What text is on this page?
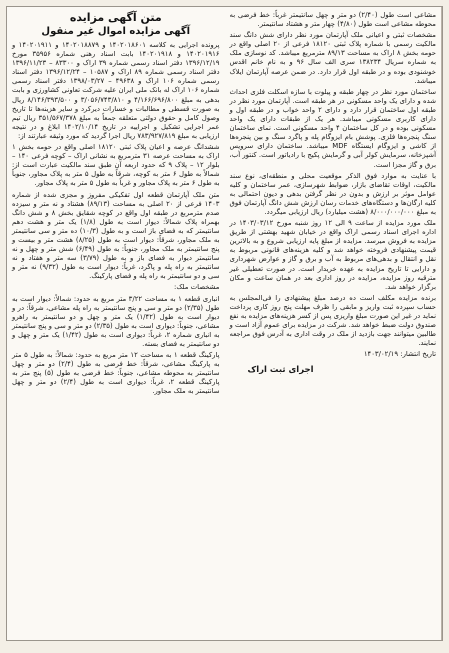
متن آگهی مزایده
آگهی مزایده اموال غیر منقول

پرونده اجرایی به کلاسه ۱۴۰۲۰۱۸۶۰۱ و ۱۴۰۲۰۱۸۸۷۹ و ۱۴۰۲۰۱۹۱۱ و ۱۴۰۲۰۱۹۱۶ و ۱۴۰۲۰۱۹۱۸ بابت اسناد رهنی شماره ۳۵۹۵۶ مورخ ۱۳۹۶/۱۲/۱۹ دفتر اسناد رسمی شماره ۳۹ اراک و ۸۳۳۰۰ – ۱۳۹۶/۱۱/۲۳ دفتر اسناد رسمی شماره ۸۹ اراک و ۱۰۵۸۷ – ۱۳۹۶/۱۲/۲۴ دفتر اسناد رسمی شماره ۱۰۶ اراک و ۴۹۶۳۸ – ۱۳۹۸/۰۳/۲۷ دفتر اسناد رسمی شماره ۱۰۶ اراک له بانک ملی ایران علیه شرکت تعاونی کشاورزی و بابت بدهی به مبلغ ۴/۱۶۶/۶۹۶/۸۰۰ و ۳/۰۵۶/۷۴۳/۸۱۰ و ۸/۱۴۶/۳۹۳/۵۰۰ ریال به صورت قسطی و مطالبات و خسارات دیرکرد و سایر هزینه‌ها تا تاریخ وصول کامل و حقوق دولتی متعلقه جمعاً به مبلغ ۳۵۱/۵۶۷/۳۷۸ ریال تیم عمر اجرایی تشکیل و اجراییه در تاریخ ۱۴۰۲/۱۰/۱۴ ابلاغ و در نتیجه ارزیابی به مبلغ ۷۸۳/۹۲۷/۸۱۹ ریال اجرا گردید که مورد وثیقه عبارتند از:

ششدانگ عرصه و اعیان پلاک ثبتی ۱۸۱۲۰ اصلی واقع در حومه بخش ۱ اراک به مساحت عرصه ۳۱ مترمربع به نشانی اراک – کوچه فرعی ۱۴۰ – بلوار ۱۲ – پلاک ۹ که حدود اربعه آن طبق سند مالکیت عبارت است از: شمالاً به طول ۶ متر به کوچه، شرقاً به طول ۵ متر به پلاک مجاور، جنوباً به طول ۶ متر به پلاک مجاور و غرباً به طول ۵ متر به پلاک مجاور.

متن ملک آپارتمان قطعه اول تفکیکی مفروز و مجزی شده از شماره ۱۴۰۳ فرعی از ۲۰ اصلی به مساحت (۸۹/۱۳) هشتاد و نه متر و سیزده صدم مترمربع در طبقه اول واقع در کوچه شقایق بخش ۸ و شش دانگ بهمراه پلاک شمالاً: دیوار است به طول (۱/۸) یک متر و هشت دهم سانتیمتر که به فضای باز است و به طول (۱۰/۳) ده متر و سی سانتیمتر به ملک مجاور، شرقاً: دیوار است به طول (۸/۲۵) هشت متر و بیست و پنج سانتیمتر به ملک مجاور، جنوباً: به طول (۶/۴۹) شش متر و چهل و نه سانتیمتر دیوار به فضای باز و به طول (۳/۷۹) سه متر و هفتاد و نه سانتیمتر به راه پله و پاگرد، غرباً: دیوار است به طول (۹/۳۲) نه متر و سی و دو سانتیمتر به راه پله و فضای پارکینگ.

مشخصات ملک:

انباری قطعه ۱ به مساحت ۳/۲۲ متر مربع به حدود: شمالاً: دیوار است به طول (۲/۳۵) دو متر و سی و پنج سانتیمتر به راه پله مشاعی، شرقاً: در و دیوار است به طول (۱/۴۲) یک متر و چهل و دو سانتیمتر به راهرو مشاعی، جنوباً: دیواری است به طول (۲/۳۵) دو متر و سی و پنج سانتیمتر به انباری شماره ۲، غرباً: دیواری است به طول (۱/۴۲) یک متر و چهل و دو سانتیمتر به فضای بسته.

پارکینگ قطعه ۱ به مساحت ۱۲ متر مربع به حدود: شمالاً: به طول ۵ متر به پارکینگ مشاعی، شرقاً: خط فرضی به طول (۲/۴) دو متر و چهل سانتیمتر به محوطه مشاعی، جنوباً: خط فرضی به طول (۵) پنج متر به پارکینگ قطعه ۲، غرباً: دیواری است به طول (۲/۴) دو متر و چهل سانتیمتر به ملک مجاور.

مشاعی است طول (۲/۴۰) دو متر و چهل سانتیمتر غرباً: خط فرضی به محوطه مشاعی است طول (۴/۸۰) چهار متر و هشتاد سانتیمتر.

مشخصات ثبتی و اعیانی ملک آپارتمان مورد نظر دارای شش دانگ سند مالکیت رسمی با شماره پلاک ثبتی ۱۸۱۲۰ فرعی از ۲۰ اصلی واقع در حومه بخش ۸ اراک به مساحت ۸۹/۱۳ مترمربع میباشد. کد نوسازی ملک به شماره سریال ۱۳۸۲۳۴ سری الف سال ۹۶ و به نام خانم اقدس خوشنودی بوده و در طبقه اول قرار دارد. در ضمن عرصه آپارتمان ایلاک میباشد.

ساختمان مورد نظر در چهار طبقه و پیلوت با سازه اسکلت فلزی احداث شده و دارای یک واحد مسکونی در هر طبقه است. آپارتمان مورد نظر در طبقه اول ساختمان قرار دارد و دارای ۲ واحد خواب و در طبقه اول و دارای کاربری مسکونی میباشد. هر یک از طبقات دارای یک واحد مسکونی بوده و در کل ساختمان ۴ واحد مسکونی است. نمای ساختمان سنگ پنجره‌ها فلزی. پوشش بام ایزوگام پله و پاگرد سنگ و بین پنجره‌ها از کاشی و ایزوگام ایستگاه MDF میباشد. ساختمان دارای سرویس آشپزخانه، سرمایش کولر آبی و گرمایش پکیج با رادیاتور است. کنتور آب، برق و گاز مجزا است.

با عنایت به موارد فوق الذکر موقعیت محلی و منطقه‌ای، نوع سند مالکیت، اوقات تقاضای بازار، ضوابط شهرسازی، عمر ساختمان و کلیه عوامل موثر بر ارزش و بدون در نظر گرفتن بدهی و دیون احتمالی به کلیه ارگان‌ها و دستگاه‌های خدمات رسان ارزش شش دانگ آپارتمان فوق به مبلغ ۸/۰۰۰/۰۰۰/۰۰۰ (هشت میلیارد) ریال ارزیابی میگردد.

ملک مورد مزایده از ساعت ۹ الی ۱۲ روز شنبه مورخ ۱۴۰۳/۰۳/۱۲ در اداره اجرای اسناد رسمی اراک واقع در خیابان شهید بهشتی از طریق مزایده به فروش میرسد. مزایده از مبلغ پایه ارزیابی شروع و به بالاترین قیمت پیشنهادی فروخته خواهد شد و کلیه هزینه‌های قانونی مربوط به نقل و انتقال و بدهی‌های مربوط به آب و برق و گاز و عوارض شهرداری و دارایی تا تاریخ مزایده به عهده خریدار است. در صورت تعطیلی غیر مترقبه روز مزایده، مزایده در روز اداری بعد در همان ساعت و مکان برگزار خواهد شد.

برنده مزایده مکلف است ده درصد مبلغ پیشنهادی را فی‌المجلس به حساب سپرده ثبت واریز و مابقی را ظرف مهلت پنج روز کاری پرداخت نماید در غیر این صورت مبلغ واریزی پس از کسر هزینه‌های مزایده به نفع صندوق دولت ضبط خواهد شد. شرکت در مزایده برای عموم آزاد است و طالبین میتوانند جهت بازدید از ملک در وقت اداری به آدرس فوق مراجعه نمایند.

تاریخ انتشار: ۱۴۰۳/۰۲/۱۹

اجرای ثبت اراک
